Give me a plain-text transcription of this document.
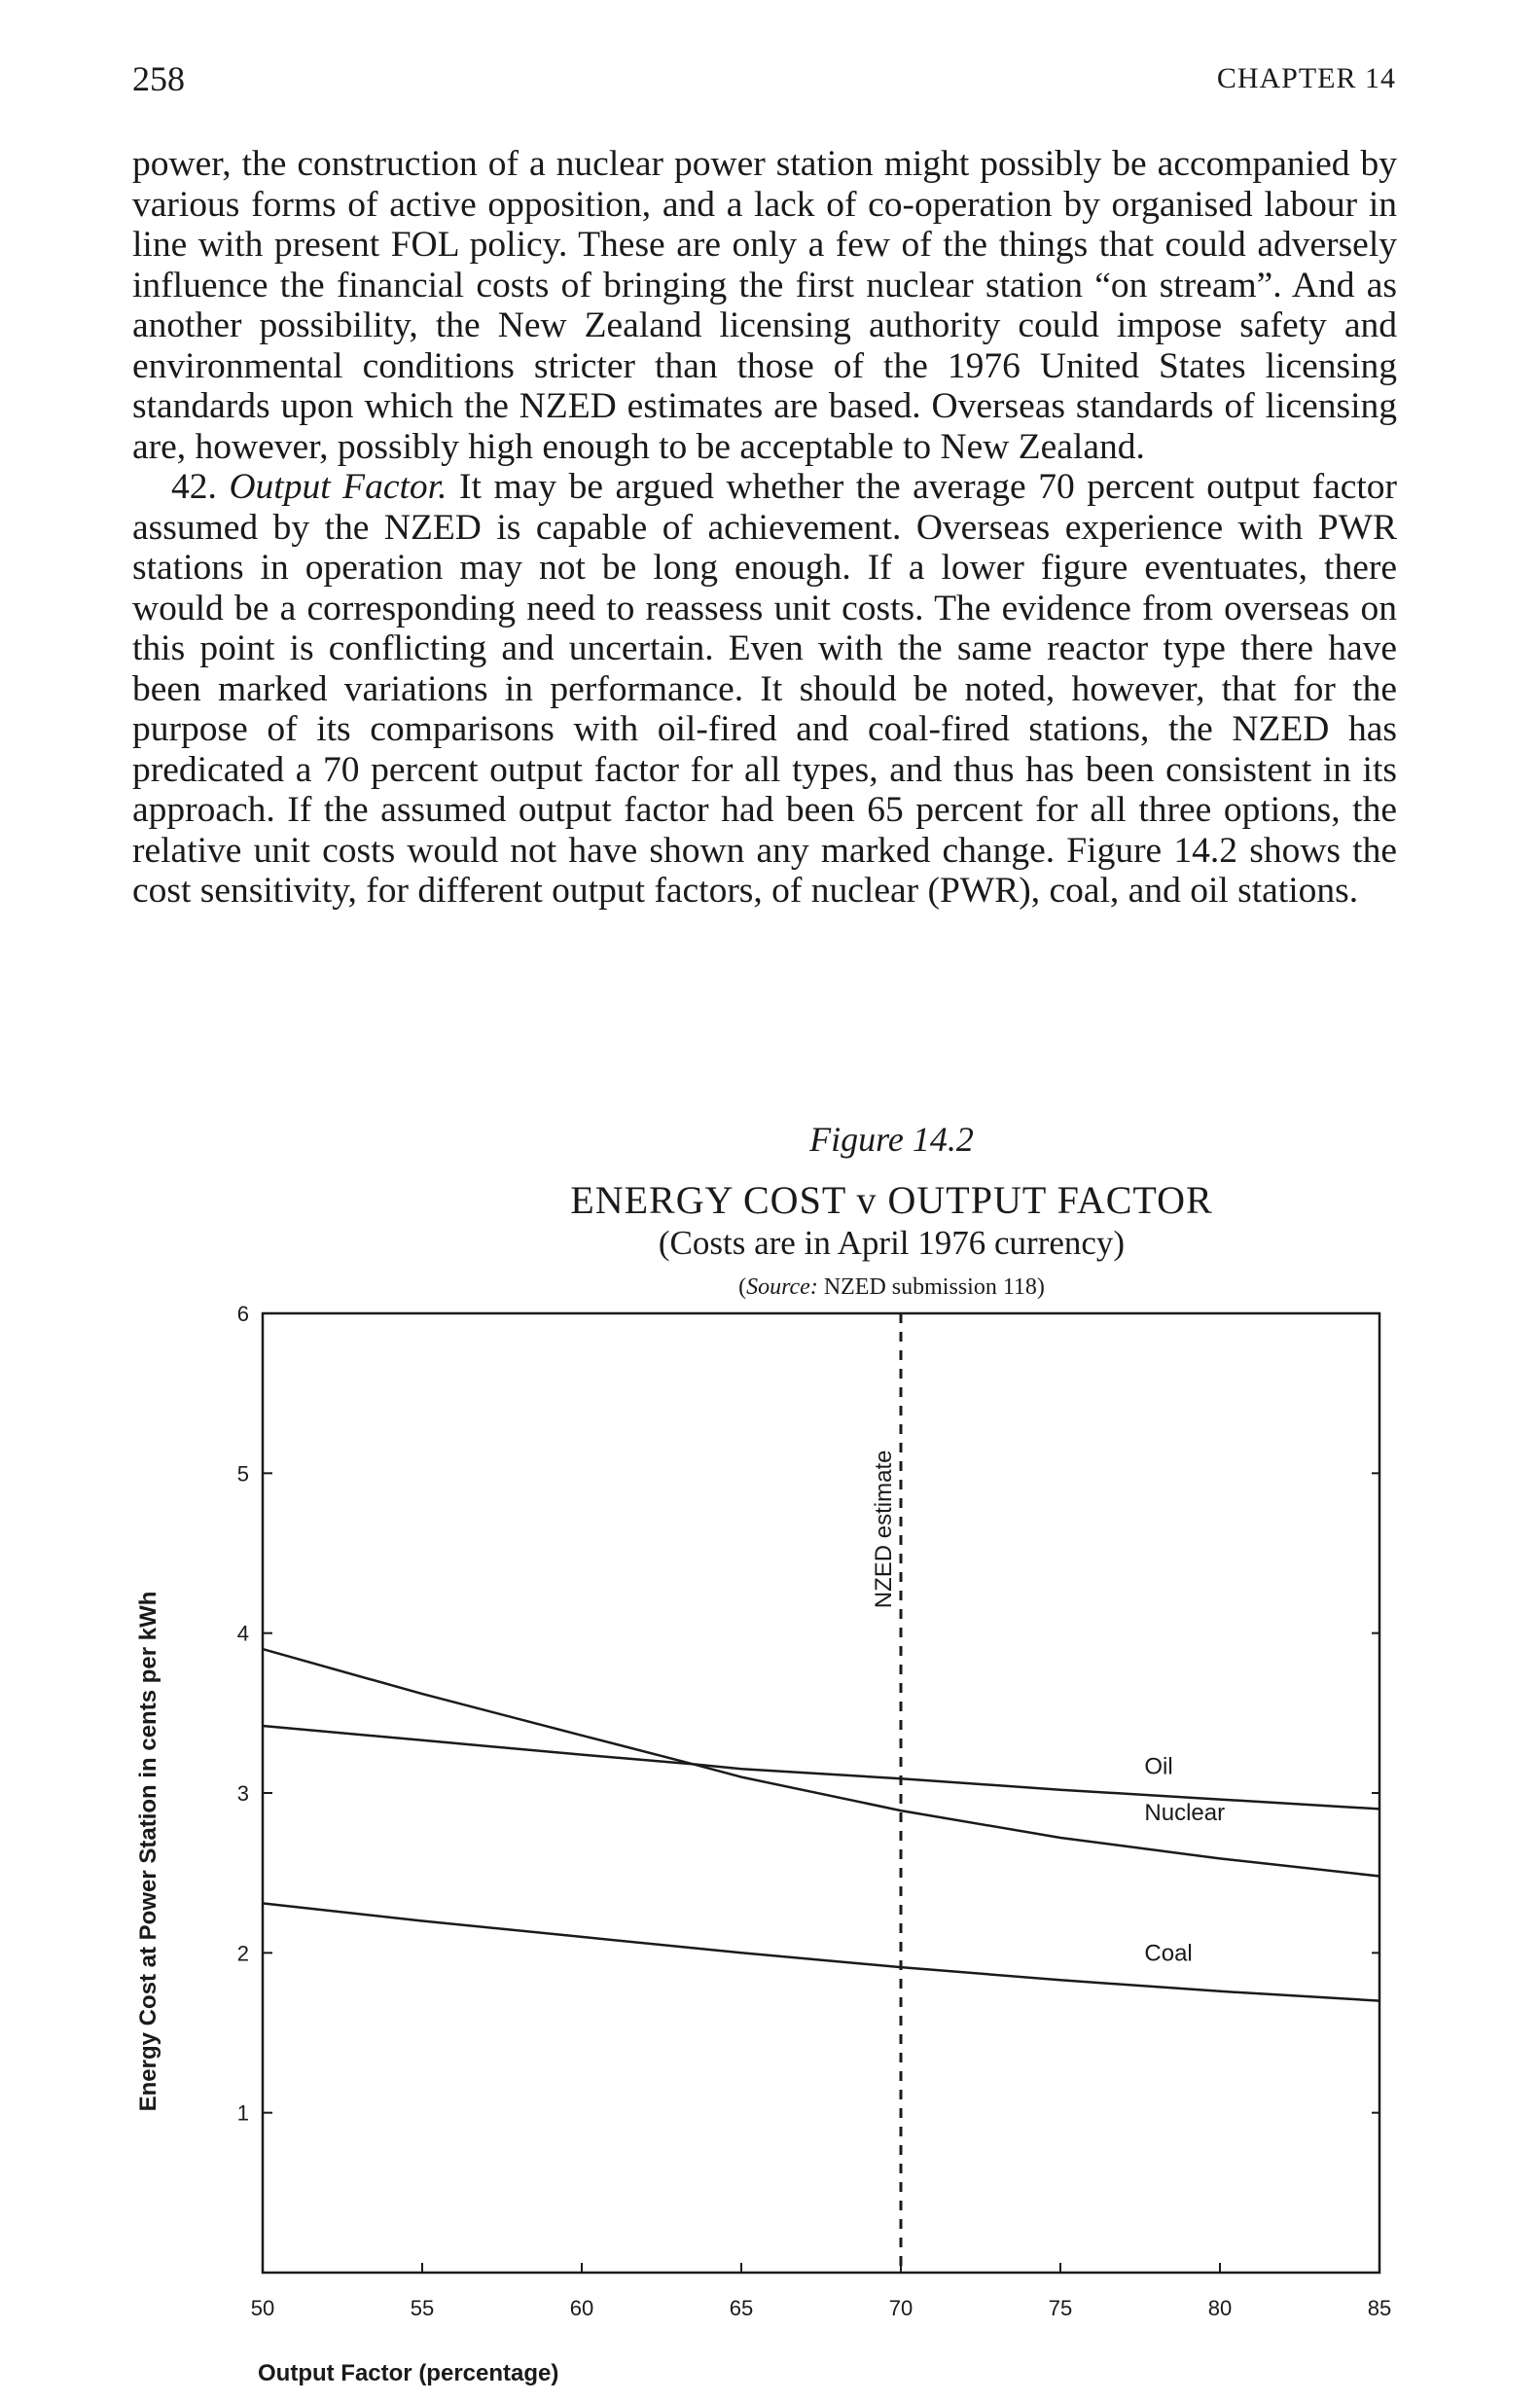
258	CHAPTER 14

power, the construction of a nuclear power station might possibly be accompanied by various forms of active opposition, and a lack of co-operation by organised labour in line with present FOL policy. These are only a few of the things that could adversely influence the financial costs of bringing the first nuclear station “on stream”. And as another possibility, the New Zealand licensing authority could impose safety and environmental conditions stricter than those of the 1976 United States licensing standards upon which the NZED estimates are based. Overseas standards of licensing are, however, possibly high enough to be acceptable to New Zealand.

42. Output Factor. It may be argued whether the average 70 percent output factor assumed by the NZED is capable of achievement. Overseas experience with PWR stations in operation may not be long enough. If a lower figure eventuates, there would be a corresponding need to reassess unit costs. The evidence from overseas on this point is conflicting and uncertain. Even with the same reactor type there have been marked variations in performance. It should be noted, however, that for the purpose of its comparisons with oil-fired and coal-fired stations, the NZED has predicated a 70 percent output factor for all types, and thus has been consistent in its approach. If the assumed output factor had been 65 percent for all three options, the relative unit costs would not have shown any marked change. Figure 14.2 shows the cost sensitivity, for different output factors, of nuclear (PWR), coal, and oil stations.

Figure 14.2
ENERGY COST v OUTPUT FACTOR
(Costs are in April 1976 currency)
(Source: NZED submission 118)
1
2
3
4
5
6
50	55	60	65	70	75	80	85
NZED estimate
Oil
Nuclear
Coal
Energy Cost at Power Station in cents per kWh
Output Factor (percentage)
